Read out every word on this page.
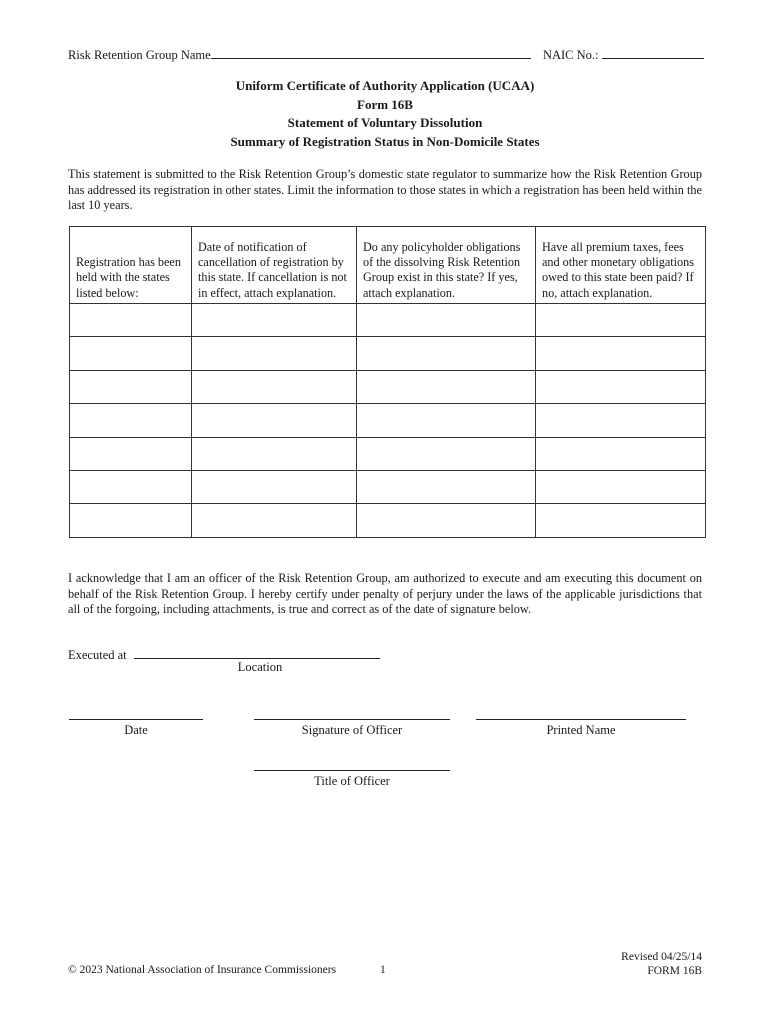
Risk Retention Group Name	NAIC No.:
Uniform Certificate of Authority Application (UCAA)
Form 16B
Statement of Voluntary Dissolution
Summary of Registration Status in Non-Domicile States
This statement is submitted to the Risk Retention Group’s domestic state regulator to summarize how the Risk Retention Group has addressed its registration in other states. Limit the information to those states in which a registration has been held within the last 10 years.
Registration has been held with the states listed below:	Date of notification of cancellation of registration by this state. If cancellation is not in effect, attach explanation.	Do any policyholder obligations of the dissolving Risk Retention Group exist in this state? If yes, attach explanation.	Have all premium taxes, fees and other monetary obligations owed to this state been paid? If no, attach explanation.

I acknowledge that I am an officer of the Risk Retention Group, am authorized to execute and am executing this document on behalf of the Risk Retention Group. I hereby certify under penalty of perjury under the laws of the applicable jurisdictions that all of the forgoing, including attachments, is true and correct as of the date of signature below.
Executed at
Location
Date	Signature of Officer	Printed Name
Title of Officer
© 2023 National Association of Insurance Commissioners	1
Revised 04/25/14
FORM 16B
